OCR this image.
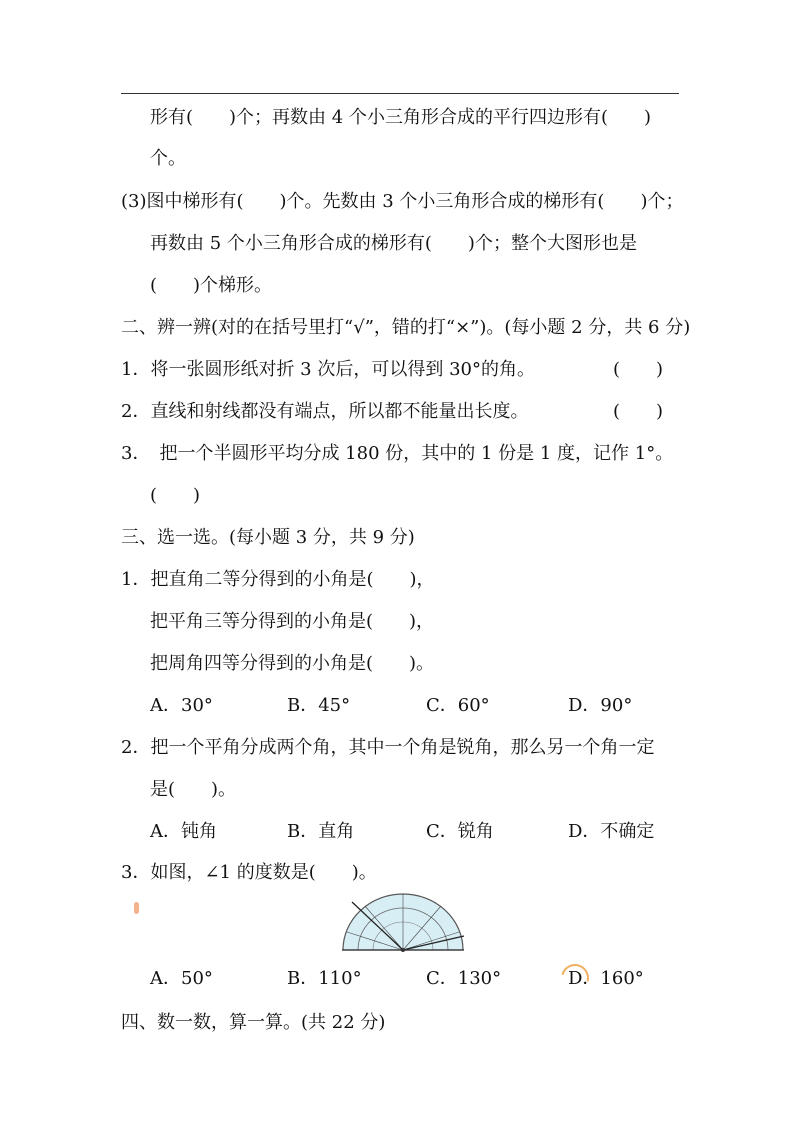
形有(　　)个；再数由 4 个小三角形合成的平行四边形有(　　)
个。
(3)图中梯形有(　　)个。先数由 3 个小三角形合成的梯形有(　　)个；
再数由 5 个小三角形合成的梯形有(　　)个；整个大图形也是
(　　)个梯形。
二、辨一辨(对的在括号里打“√”，错的打“×”)。(每小题 2 分，共 6 分)
1．将一张圆形纸对折 3 次后，可以得到 30°的角。	(　　)
2．直线和射线都没有端点，所以都不能量出长度。	(　　)
3．　把一个半圆形平均分成 180 份，其中的 1 份是 1 度，记作 1°。
(　　)
三、选一选。(每小题 3 分，共 9 分)
1．把直角二等分得到的小角是(　　)，
把平角三等分得到的小角是(　　)，
把周角四等分得到的小角是(　　)。
A．30°	B．45°	C．60°	D．90°
2．把一个平角分成两个角，其中一个角是锐角，那么另一个角一定
是(　　)。
A．钝角	B．直角	C．锐角	D．不确定
3．如图，∠1 的度数是(　　)。
A．50°	B．110°	C．130°	D．160°
四、数一数，算一算。(共 22 分)
